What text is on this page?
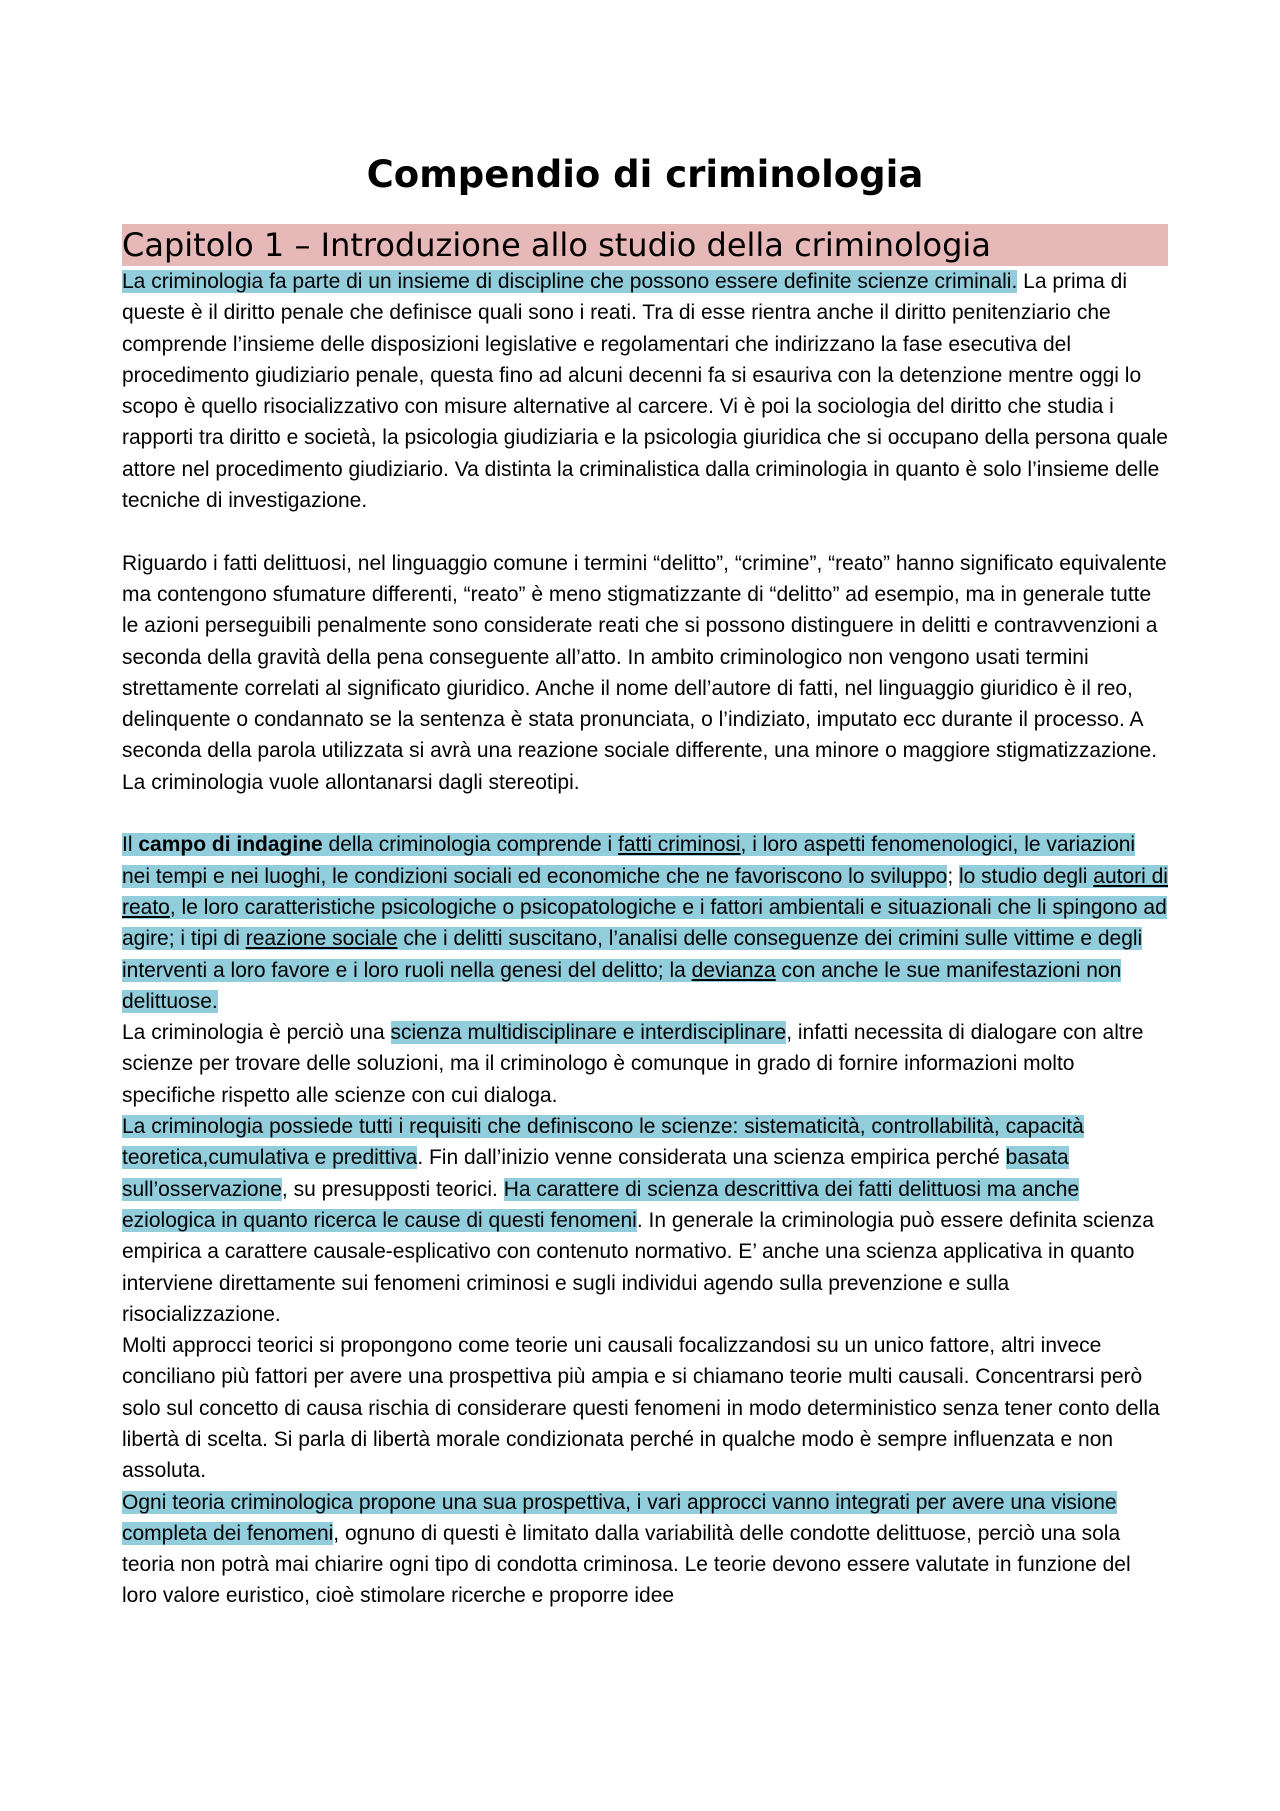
Compendio di criminologia
Capitolo 1 – Introduzione allo studio della criminologia

La criminologia fa parte di un insieme di discipline che possono essere definite scienze criminali. La prima di queste è il diritto penale che definisce quali sono i reati. Tra di esse rientra anche il diritto penitenziario che comprende l’insieme delle disposizioni legislative e regolamentari che indirizzano la fase esecutiva del procedimento giudiziario penale, questa fino ad alcuni decenni fa si esauriva con la detenzione mentre oggi lo scopo è quello risocializzativo con misure alternative al carcere. Vi è poi la sociologia del diritto che studia i rapporti tra diritto e società, la psicologia giudiziaria e la psicologia giuridica che si occupano della persona quale attore nel procedimento giudiziario. Va distinta la criminalistica dalla criminologia in quanto è solo l’insieme delle tecniche di investigazione.

Riguardo i fatti delittuosi, nel linguaggio comune i termini “delitto”, “crimine”, “reato” hanno significato equivalente ma contengono sfumature differenti, “reato” è meno stigmatizzante di “delitto” ad esempio, ma in generale tutte le azioni perseguibili penalmente sono considerate reati che si possono distinguere in delitti e contravvenzioni a seconda della gravità della pena conseguente all’atto. In ambito criminologico non vengono usati termini strettamente correlati al significato giuridico. Anche il nome dell’autore di fatti, nel linguaggio giuridico è il reo, delinquente o condannato se la sentenza è stata pronunciata, o l’indiziato, imputato ecc durante il processo. A seconda della parola utilizzata si avrà una reazione sociale differente, una minore o maggiore stigmatizzazione. La criminologia vuole allontanarsi dagli stereotipi.

Il campo di indagine della criminologia comprende i fatti criminosi, i loro aspetti fenomenologici, le variazioni nei tempi e nei luoghi, le condizioni sociali ed economiche che ne favoriscono lo sviluppo; lo studio degli autori di reato, le loro caratteristiche psicologiche o psicopatologiche e i fattori ambientali e situazionali che li spingono ad agire; i tipi di reazione sociale che i delitti suscitano, l’analisi delle conseguenze dei crimini sulle vittime e degli interventi a loro favore e i loro ruoli nella genesi del delitto; la devianza con anche le sue manifestazioni non delittuose.

La criminologia è perciò una scienza multidisciplinare e interdisciplinare, infatti necessita di dialogare con altre scienze per trovare delle soluzioni, ma il criminologo è comunque in grado di fornire informazioni molto specifiche rispetto alle scienze con cui dialoga.

La criminologia possiede tutti i requisiti che definiscono le scienze: sistematicità, controllabilità, capacità teoretica,cumulativa e predittiva. Fin dall’inizio venne considerata una scienza empirica perché basata sull’osservazione, su presupposti teorici. Ha carattere di scienza descrittiva dei fatti delittuosi ma anche eziologica in quanto ricerca le cause di questi fenomeni. In generale la criminologia può essere definita scienza empirica a carattere causale-esplicativo con contenuto normativo. E’ anche una scienza applicativa in quanto interviene direttamente sui fenomeni criminosi e sugli individui agendo sulla prevenzione e sulla risocializzazione.

Molti approcci teorici si propongono come teorie uni causali focalizzandosi su un unico fattore, altri invece conciliano più fattori per avere una prospettiva più ampia e si chiamano teorie multi causali. Concentrarsi però solo sul concetto di causa rischia di considerare questi fenomeni in modo deterministico senza tener conto della libertà di scelta. Si parla di libertà morale condizionata perché in qualche modo è sempre influenzata e non assoluta.

Ogni teoria criminologica propone una sua prospettiva, i vari approcci vanno integrati per avere una visione completa dei fenomeni, ognuno di questi è limitato dalla variabilità delle condotte delittuose, perciò una sola teoria non potrà mai chiarire ogni tipo di condotta criminosa. Le teorie devono essere valutate in funzione del loro valore euristico, cioè stimolare ricerche e proporre idee
